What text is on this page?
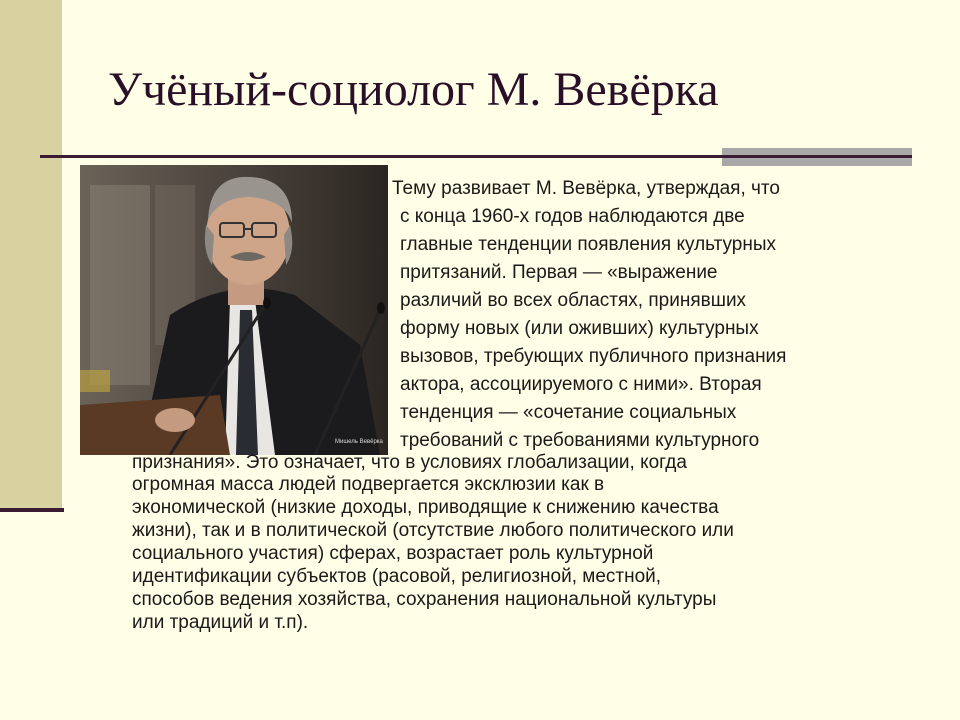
Учёный-социолог М. Вевёрка
Мишель Вевёрка
Тему развивает М. Вевёрка, утверждая, что
с конца 1960-х годов наблюдаются две
главные тенденции появления культурных
притязаний. Первая — «выражение
различий во всех областях, принявших
форму новых (или оживших) культурных
вызовов, требующих публичного признания
актора, ассоциируемого с ними». Вторая
тенденция — «сочетание социальных
требований с требованиями культурного
признания». Это означает, что в условиях глобализации, когда
огромная масса людей подвергается эксклюзии как в
экономической (низкие доходы, приводящие к снижению качества
жизни), так и в политической (отсутствие любого политического или
социального участия) сферах, возрастает роль культурной
идентификации субъектов (расовой, религиозной, местной,
способов ведения хозяйства, сохранения национальной культуры
или традиций и т.п).
